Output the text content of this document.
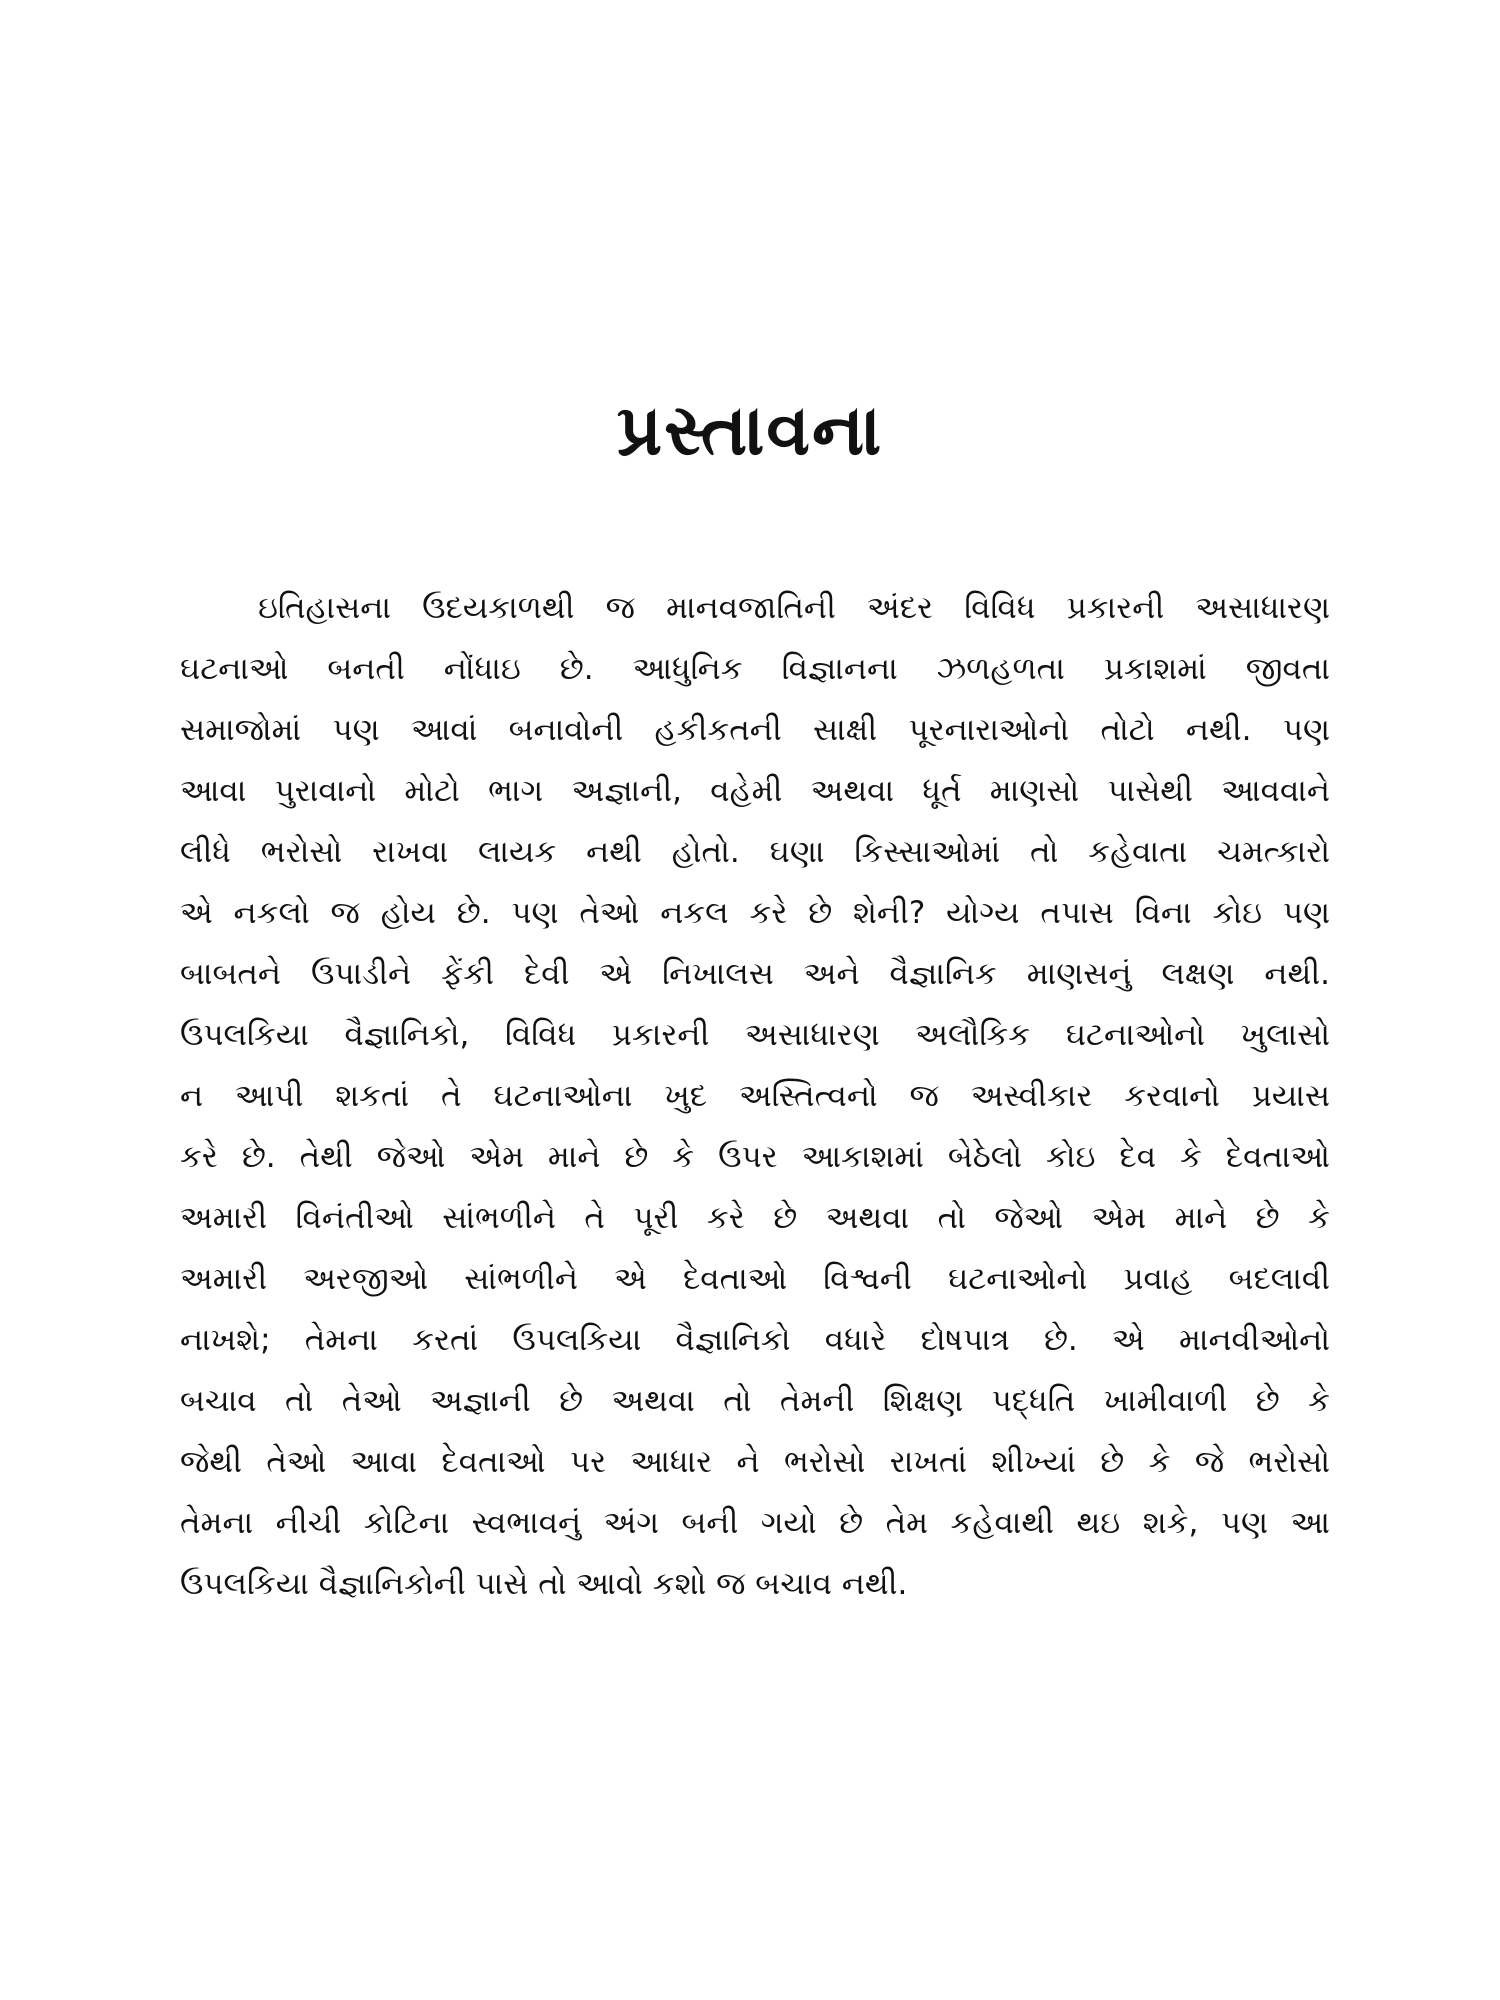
પ્રસ્તાવના
ઇતિહાસના ઉદયકાળથી જ માનવજાતિની અંદર વિવિધ પ્રકારની અસાધારણ
ઘટનાઓ બનતી નોંધાઇ છે. આધુનિક વિજ્ઞાનના ઝળહળતા પ્રકાશમાં જીવતા
સમાજોમાં પણ આવાં બનાવોની હકીકતની સાક્ષી પૂરનારાઓનો તોટો નથી. પણ
આવા પુરાવાનો મોટો ભાગ અજ્ઞાની, વહેમી અથવા ધૂર્ત માણસો પાસેથી આવવાને
લીધે ભરોસો રાખવા લાયક નથી હોતો. ઘણા કિસ્સાઓમાં તો કહેવાતા ચમત્કારો
એ નકલો જ હોય છે. પણ તેઓ નકલ કરે છે શેની? યોગ્ય તપાસ વિના કોઇ પણ
બાબતને ઉપાડીને ફેંકી દેવી એ નિખાલસ અને વૈજ્ઞાનિક માણસનું લક્ષણ નથી.
ઉપલકિયા વૈજ્ઞાનિકો, વિવિધ પ્રકારની અસાધારણ અલૌકિક ઘટનાઓનો ખુલાસો
ન આપી શકતાં તે ઘટનાઓના ખુદ અસ્તિત્વનો જ અસ્વીકાર કરવાનો પ્રયાસ
કરે છે. તેથી જેઓ એમ માને છે કે ઉપર આકાશમાં બેઠેલો કોઇ દેવ કે દેવતાઓ
અમારી વિનંતીઓ સાંભળીને તે પૂરી કરે છે અથવા તો જેઓ એમ માને છે કે
અમારી અરજીઓ સાંભળીને એ દેવતાઓ વિશ્વની ઘટનાઓનો પ્રવાહ બદલાવી
નાખશે; તેમના કરતાં ઉપલકિયા વૈજ્ઞાનિકો વધારે દોષપાત્ર છે. એ માનવીઓનો
બચાવ તો તેઓ અજ્ઞાની છે અથવા તો તેમની શિક્ષણ પદ્ધતિ ખામીવાળી છે કે
જેથી તેઓ આવા દેવતાઓ પર આધાર ને ભરોસો રાખતાં શીખ્યાં છે કે જે ભરોસો
તેમના નીચી કોટિના સ્વભાવનું અંગ બની ગયો છે તેમ કહેવાથી થઇ શકે, પણ આ
ઉપલકિયા વૈજ્ઞાનિકોની પાસે તો આવો કશો જ બચાવ નથી.
